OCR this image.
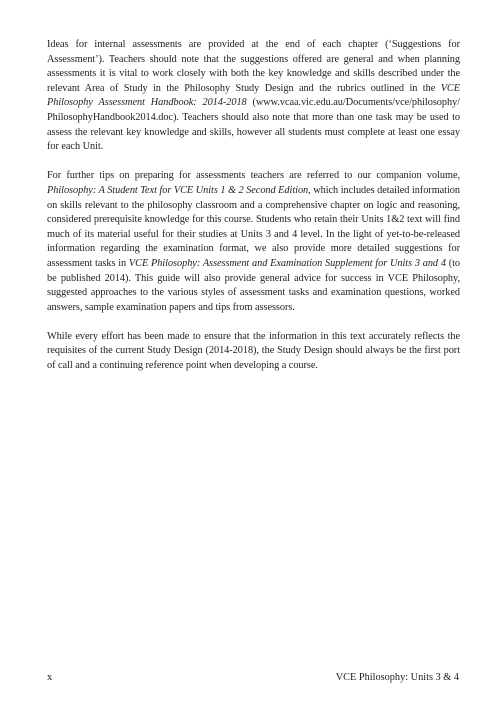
Ideas for internal assessments are provided at the end of each chapter (‘Suggestions for Assessment’). Teachers should note that the suggestions offered are general and when planning assessments it is vital to work closely with both the key knowledge and skills described under the relevant Area of Study in the Philosophy Study Design and the rubrics outlined in the VCE Philosophy Assessment Handbook: 2014-2018 (www.vcaa.vic.edu.au/Documents/vce/philosophy/ PhilosophyHandbook2014.doc). Teachers should also note that more than one task may be used to assess the relevant key knowledge and skills, however all students must complete at least one essay for each Unit.

For further tips on preparing for assessments teachers are referred to our companion volume, Philosophy: A Student Text for VCE Units 1 & 2 Second Edition, which includes detailed information on skills relevant to the philosophy classroom and a comprehensive chapter on logic and reasoning, considered prerequisite knowledge for this course. Students who retain their Units 1&2 text will find much of its material useful for their studies at Units 3 and 4 level. In the light of yet-to-be-released information regarding the examination format, we also provide more detailed suggestions for assessment tasks in VCE Philosophy: Assessment and Examination Supplement for Units 3 and 4 (to be published 2014). This guide will also provide general advice for success in VCE Philosophy, suggested approaches to the various styles of assessment tasks and examination questions, worked answers, sample examination papers and tips from assessors.

While every effort has been made to ensure that the information in this text accurately reflects the requisites of the current Study Design (2014-2018), the Study Design should always be the first port of call and a continuing reference point when developing a course.

x	VCE Philosophy: Units 3 & 4
